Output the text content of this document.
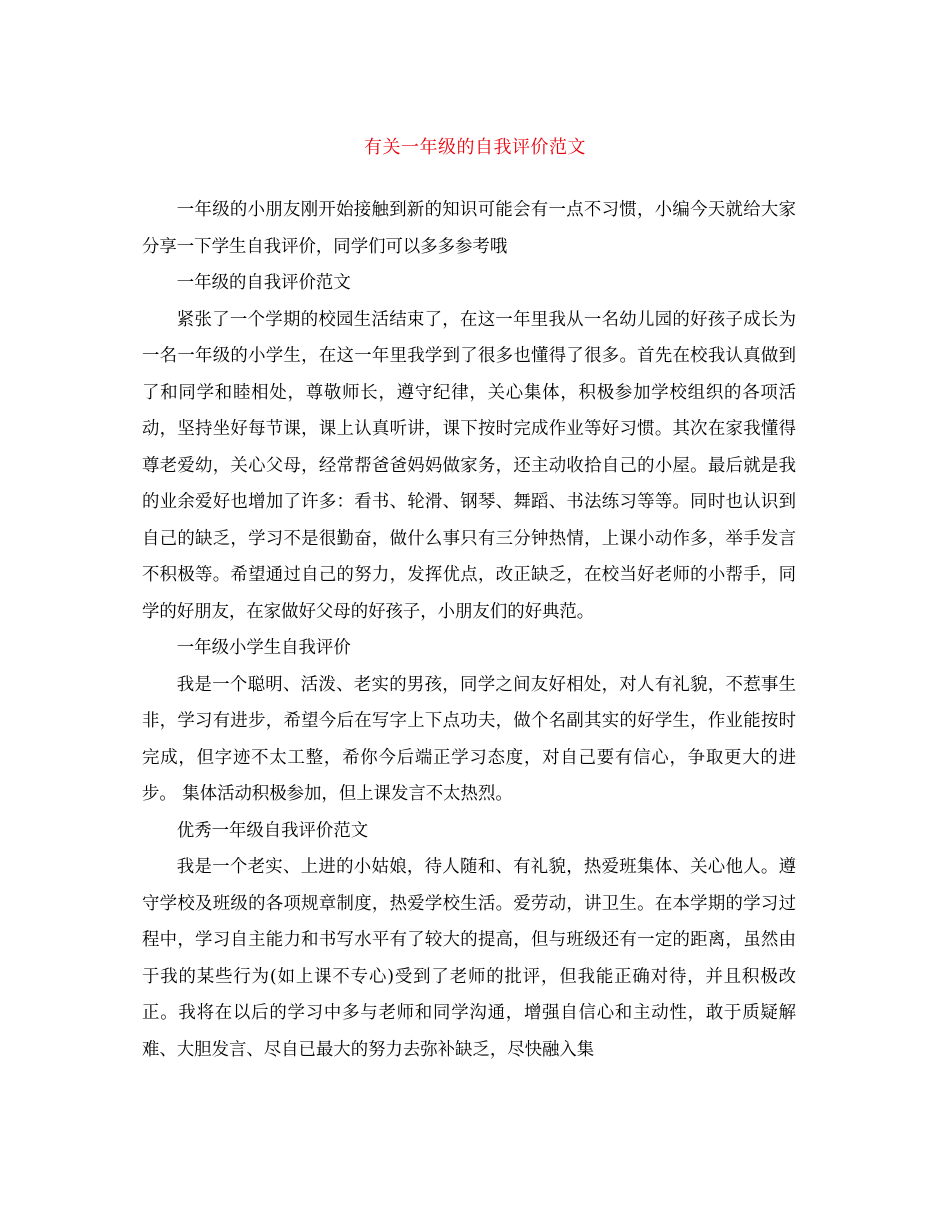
有关一年级的自我评价范文

一年级的小朋友刚开始接触到新的知识可能会有一点不习惯，小编今天就给大家分享一下学生自我评价，同学们可以多多参考哦

一年级的自我评价范文

紧张了一个学期的校园生活结束了，在这一年里我从一名幼儿园的好孩子成长为一名一年级的小学生，在这一年里我学到了很多也懂得了很多。首先在校我认真做到了和同学和睦相处，尊敬师长，遵守纪律，关心集体，积极参加学校组织的各项活动，坚持坐好每节课，课上认真听讲，课下按时完成作业等好习惯。其次在家我懂得尊老爱幼，关心父母，经常帮爸爸妈妈做家务，还主动收拾自己的小屋。最后就是我的业余爱好也增加了许多：看书、轮滑、钢琴、舞蹈、书法练习等等。同时也认识到自己的缺乏，学习不是很勤奋，做什么事只有三分钟热情，上课小动作多，举手发言不积极等。希望通过自己的努力，发挥优点，改正缺乏，在校当好老师的小帮手，同学的好朋友，在家做好父母的好孩子，小朋友们的好典范。

一年级小学生自我评价

我是一个聪明、活泼、老实的男孩，同学之间友好相处，对人有礼貌，不惹事生非，学习有进步，希望今后在写字上下点功夫，做个名副其实的好学生，作业能按时完成，但字迹不太工整，希你今后端正学习态度，对自己要有信心，争取更大的进步。 集体活动积极参加，但上课发言不太热烈。

优秀一年级自我评价范文

我是一个老实、上进的小姑娘，待人随和、有礼貌，热爱班集体、关心他人。遵守学校及班级的各项规章制度，热爱学校生活。爱劳动，讲卫生。在本学期的学习过程中，学习自主能力和书写水平有了较大的提高，但与班级还有一定的距离，虽然由于我的某些行为(如上课不专心)受到了老师的批评，但我能正确对待，并且积极改正。我将在以后的学习中多与老师和同学沟通，增强自信心和主动性，敢于质疑解难、大胆发言、尽自已最大的努力去弥补缺乏，尽快融入集
